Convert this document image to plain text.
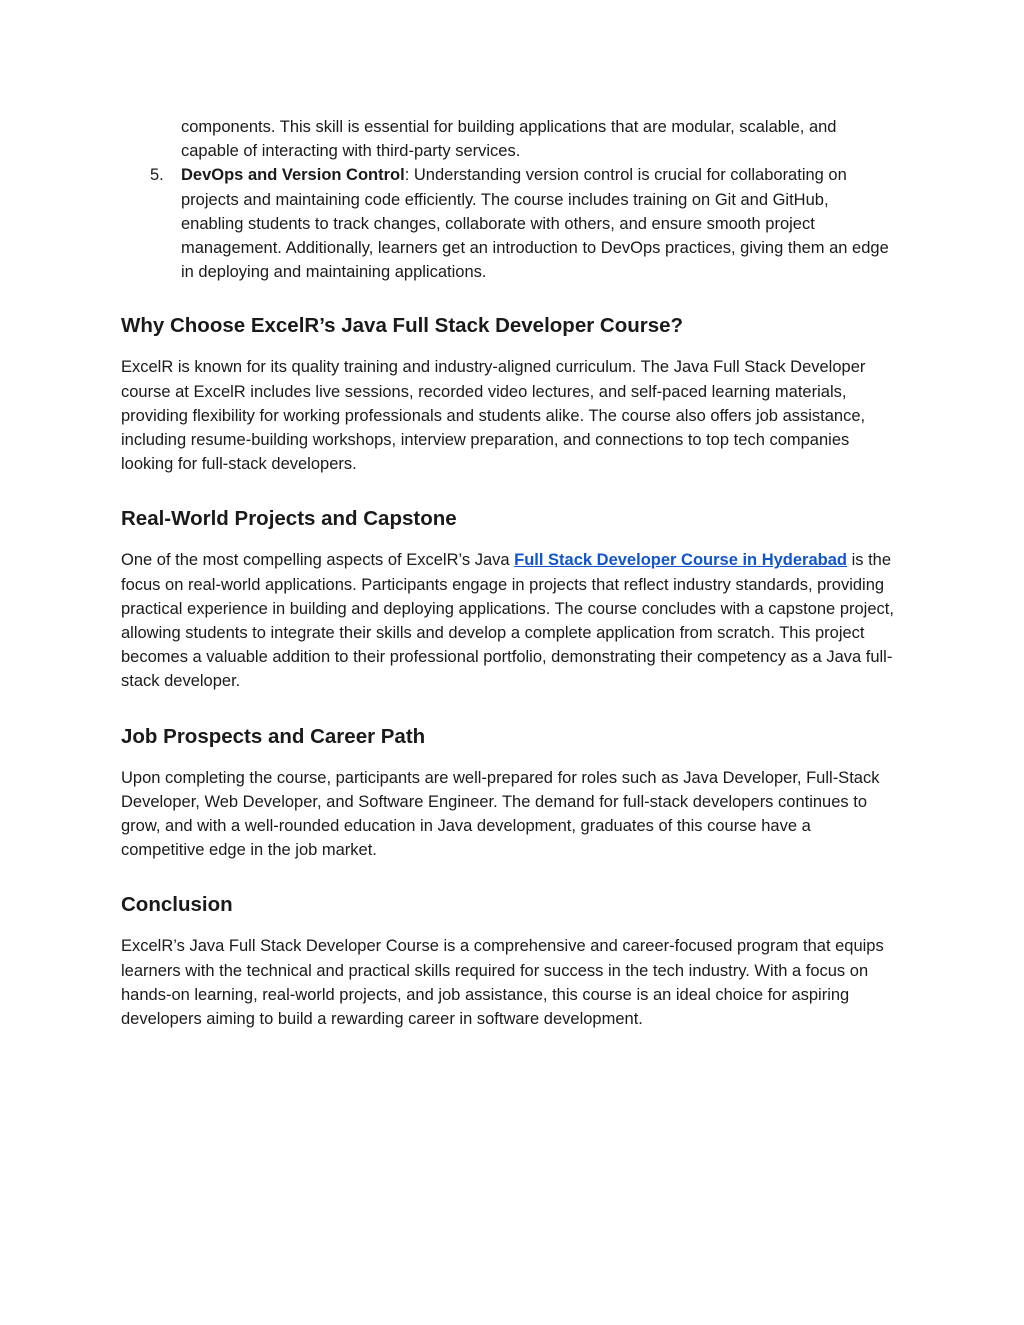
components. This skill is essential for building applications that are modular, scalable, and capable of interacting with third-party services.
5. DevOps and Version Control: Understanding version control is crucial for collaborating on projects and maintaining code efficiently. The course includes training on Git and GitHub, enabling students to track changes, collaborate with others, and ensure smooth project management. Additionally, learners get an introduction to DevOps practices, giving them an edge in deploying and maintaining applications.
Why Choose ExcelR’s Java Full Stack Developer Course?

ExcelR is known for its quality training and industry-aligned curriculum. The Java Full Stack Developer course at ExcelR includes live sessions, recorded video lectures, and self-paced learning materials, providing flexibility for working professionals and students alike. The course also offers job assistance, including resume-building workshops, interview preparation, and connections to top tech companies looking for full-stack developers.

Real-World Projects and Capstone

One of the most compelling aspects of ExcelR’s Java Full Stack Developer Course in Hyderabad is the focus on real-world applications. Participants engage in projects that reflect industry standards, providing practical experience in building and deploying applications. The course concludes with a capstone project, allowing students to integrate their skills and develop a complete application from scratch. This project becomes a valuable addition to their professional portfolio, demonstrating their competency as a Java full-stack developer.

Job Prospects and Career Path

Upon completing the course, participants are well-prepared for roles such as Java Developer, Full-Stack Developer, Web Developer, and Software Engineer. The demand for full-stack developers continues to grow, and with a well-rounded education in Java development, graduates of this course have a competitive edge in the job market.

Conclusion

ExcelR’s Java Full Stack Developer Course is a comprehensive and career-focused program that equips learners with the technical and practical skills required for success in the tech industry. With a focus on hands-on learning, real-world projects, and job assistance, this course is an ideal choice for aspiring developers aiming to build a rewarding career in software development.
